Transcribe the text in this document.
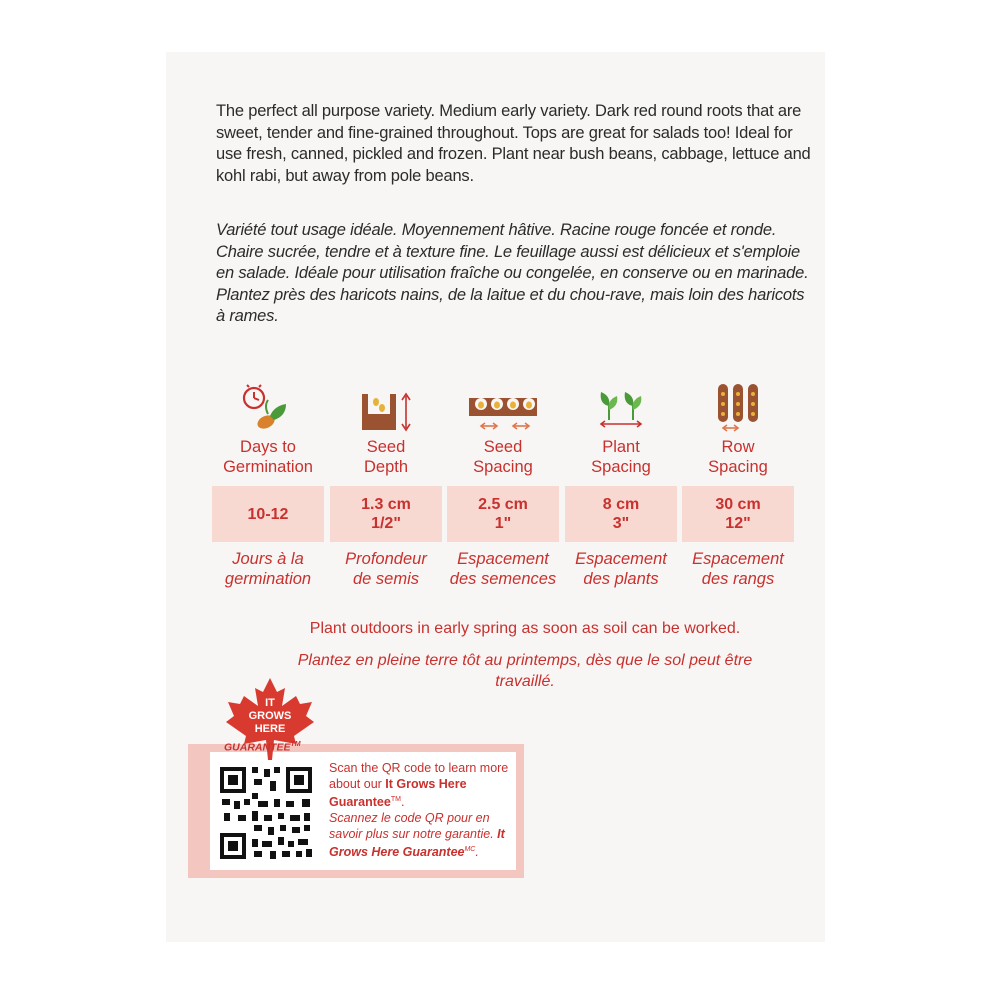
The perfect all purpose variety. Medium early variety. Dark red round roots that are sweet, tender and fine-grained throughout. Tops are great for salads too! Ideal for use fresh, canned, pickled and frozen. Plant near bush beans, cabbage, lettuce and kohl rabi, but away from pole beans.
Variété tout usage idéale. Moyennement hâtive. Racine rouge foncée et ronde. Chaire sucrée, tendre et à texture fine. Le feuillage aussi est délicieux et s'emploie en salade. Idéale pour utilisation fraîche ou congelée, en conserve ou en marinade. Plantez près des haricots nains, de la laitue et du chou-rave, mais loin des haricots à rames.
Days to
Germination
Seed
Depth
Seed
Spacing
Plant
Spacing
Row
Spacing
10-12
1.3 cm
1/2"
2.5 cm
1"
8 cm
3"
30 cm
12"
Jours à la
germination
Profondeur
de semis
Espacement
des semences
Espacement
des plants
Espacement
des rangs
Plant outdoors in early spring as soon as soil can be worked.
Plantez en pleine terre tôt au printemps, dès que le sol peut être travaillé.
IT
GROWS
HERE
GUARANTEE™
Scan the QR code to learn more about our It Grows Here Guarantee™.
Scannez le code QR pour en savoir plus sur notre garantie. It Grows Here Guarantee$^{MC}$.
